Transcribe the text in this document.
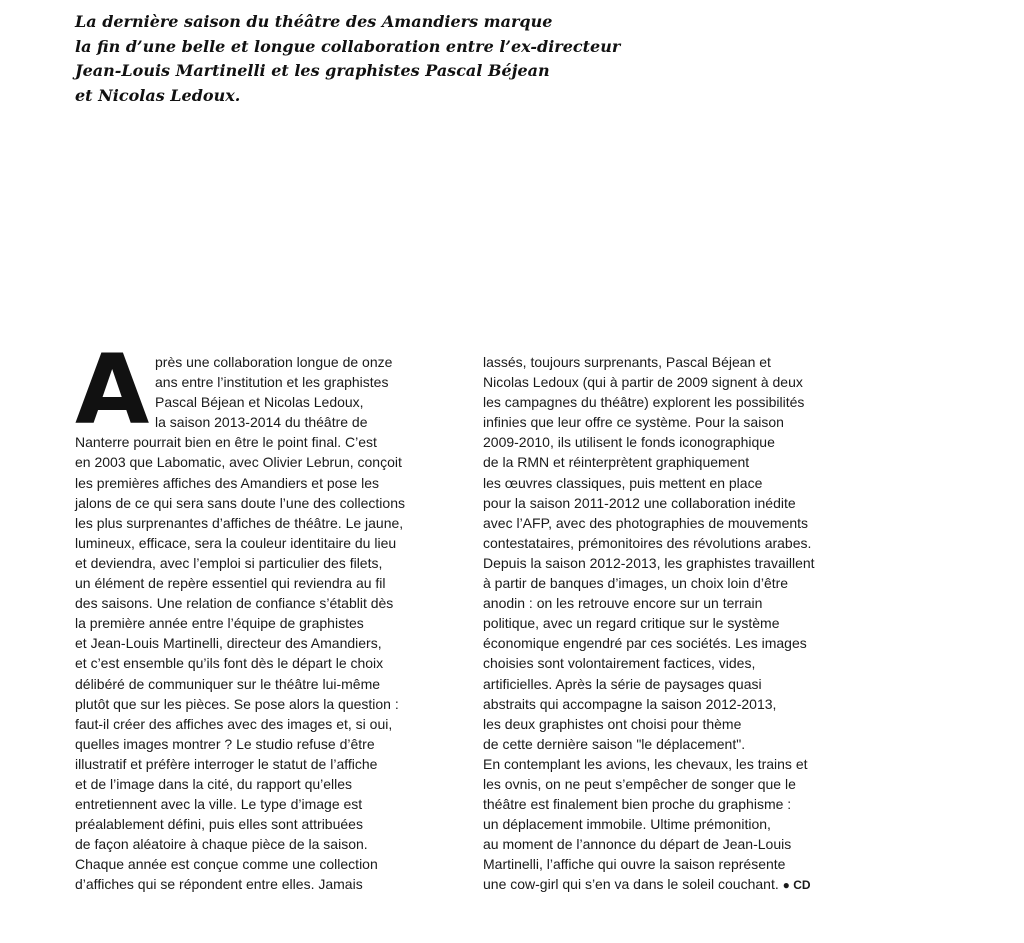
La dernière saison du théâtre des Amandiers marque
la fin d’une belle et longue collaboration entre l’ex-directeur
Jean-Louis Martinelli et les graphistes Pascal Béjean
et Nicolas Ledoux.
A près une collaboration longue de onze
ans entre l’institution et les graphistes
Pascal Béjean et Nicolas Ledoux,
la saison 2013-2014 du théâtre de
Nanterre pourrait bien en être le point final. C’est
en 2003 que Labomatic, avec Olivier Lebrun, conçoit
les premières affiches des Amandiers et pose les
jalons de ce qui sera sans doute l’une des collections
les plus surprenantes d’affiches de théâtre. Le jaune,
lumineux, efficace, sera la couleur identitaire du lieu
et deviendra, avec l’emploi si particulier des filets,
un élément de repère essentiel qui reviendra au fil
des saisons. Une relation de confiance s’établit dès
la première année entre l’équipe de graphistes
et Jean-Louis Martinelli, directeur des Amandiers,
et c’est ensemble qu’ils font dès le départ le choix
délibéré de communiquer sur le théâtre lui-même
plutôt que sur les pièces. Se pose alors la question :
faut-il créer des affiches avec des images et, si oui,
quelles images montrer ? Le studio refuse d’être
illustratif et préfère interroger le statut de l’affiche
et de l’image dans la cité, du rapport qu’elles
entretiennent avec la ville. Le type d’image est
préalablement défini, puis elles sont attribuées
de façon aléatoire à chaque pièce de la saison.
Chaque année est conçue comme une collection
d’affiches qui se répondent entre elles. Jamais
lassés, toujours surprenants, Pascal Béjean et
Nicolas Ledoux (qui à partir de 2009 signent à deux
les campagnes du théâtre) explorent les possibilités
infinies que leur offre ce système. Pour la saison
2009-2010, ils utilisent le fonds iconographique
de la RMN et réinterprètent graphiquement
les œuvres classiques, puis mettent en place
pour la saison 2011-2012 une collaboration inédite
avec l’AFP, avec des photographies de mouvements
contestataires, prémonitoires des révolutions arabes.
Depuis la saison 2012-2013, les graphistes travaillent
à partir de banques d’images, un choix loin d’être
anodin : on les retrouve encore sur un terrain
politique, avec un regard critique sur le système
économique engendré par ces sociétés. Les images
choisies sont volontairement factices, vides,
artificielles. Après la série de paysages quasi
abstraits qui accompagne la saison 2012-2013,
les deux graphistes ont choisi pour thème
de cette dernière saison "le déplacement".
En contemplant les avions, les chevaux, les trains et
les ovnis, on ne peut s’empêcher de songer que le
théâtre est finalement bien proche du graphisme :
un déplacement immobile. Ultime prémonition,
au moment de l’annonce du départ de Jean-Louis
Martinelli, l’affiche qui ouvre la saison représente
une cow-girl qui s’en va dans le soleil couchant. ● CD
